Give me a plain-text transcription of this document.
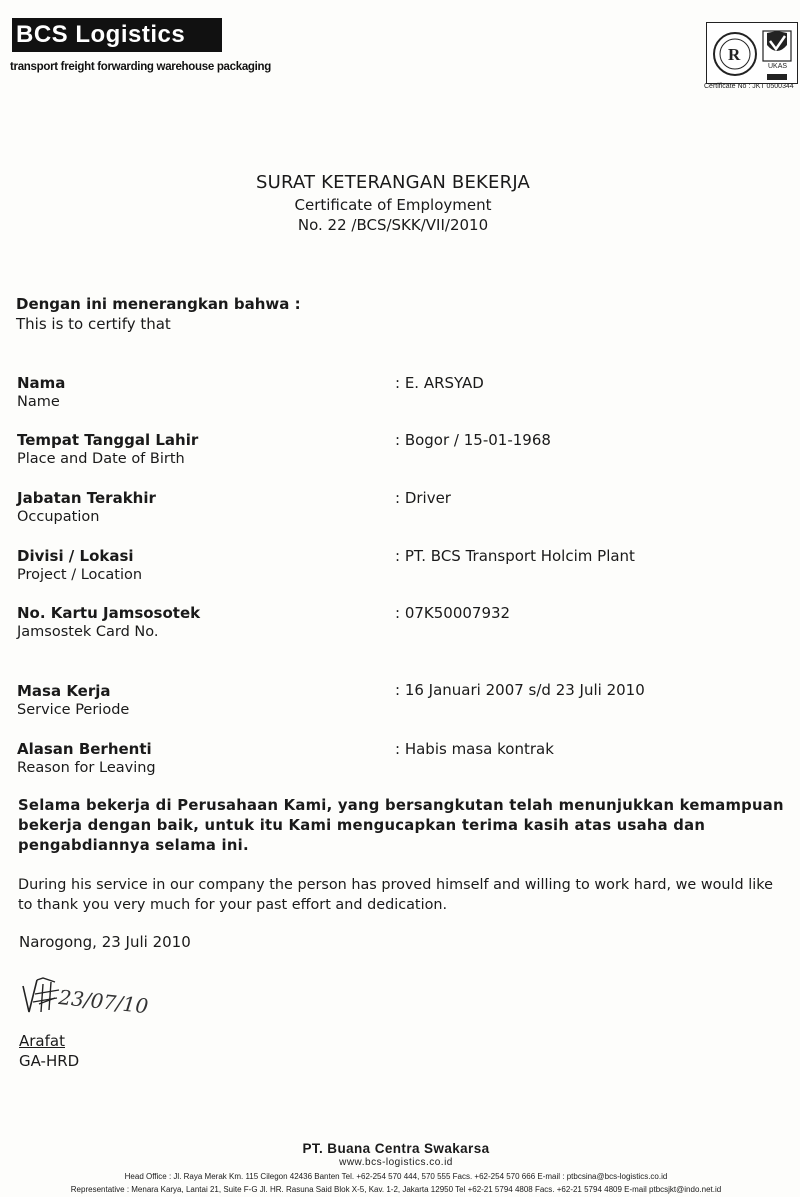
BCS Logistics
transport freight forwarding warehouse packaging
R
UKAS
Certificate No : JKT 0500344
SURAT KETERANGAN BEKERJA
Certificate of Employment
No. 22 /BCS/SKK/VII/2010
Dengan ini menerangkan bahwa :
This is to certify that
Nama
Name
: E. ARSYAD
Tempat Tanggal Lahir
Place and Date of Birth
: Bogor / 15-01-1968
Jabatan Terakhir
Occupation
: Driver
Divisi / Lokasi
Project / Location
: PT. BCS Transport Holcim Plant
No. Kartu Jamsosotek
Jamsostek Card No.
: 07K50007932
Masa Kerja
Service Periode
: 16 Januari 2007 s/d 23 Juli 2010
Alasan Berhenti
Reason for Leaving
: Habis masa kontrak
Selama bekerja di Perusahaan Kami, yang bersangkutan telah menunjukkan kemampuan bekerja dengan baik, untuk itu Kami mengucapkan terima kasih atas usaha dan pengabdiannya selama ini.
During his service in our company the person has proved himself and willing to work hard, we would like to thank you very much for your past effort and dedication.
Narogong, 23 Juli 2010
23/07/10
Arafat
GA-HRD
PT. Buana Centra Swakarsa
www.bcs-logistics.co.id
Head Office : Jl. Raya Merak Km. 115 Cilegon 42436 Banten Tel. +62-254 570 444, 570 555 Facs. +62-254 570 666 E-mail : ptbcsina@bcs-logistics.co.id
Representative : Menara Karya, Lantai 21, Suite F-G Jl. HR. Rasuna Said Blok X-5, Kav. 1-2, Jakarta 12950 Tel +62-21 5794 4808 Facs. +62-21 5794 4809 E-mail ptbcsjkt@indo.net.id
